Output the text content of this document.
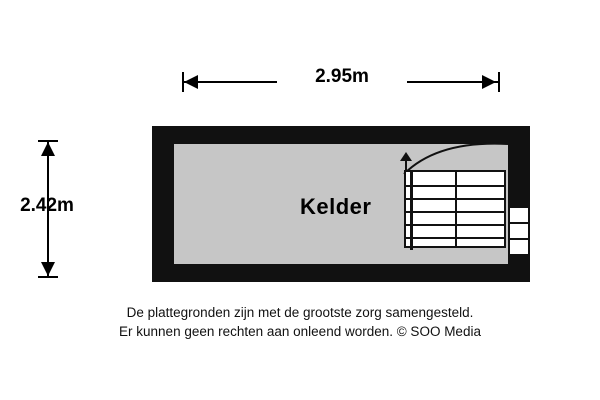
2.95m
2.42m	Kelder
De plattegronden zijn met de grootste zorg samengesteld.
Er kunnen geen rechten aan onleend worden. © SOO Media
